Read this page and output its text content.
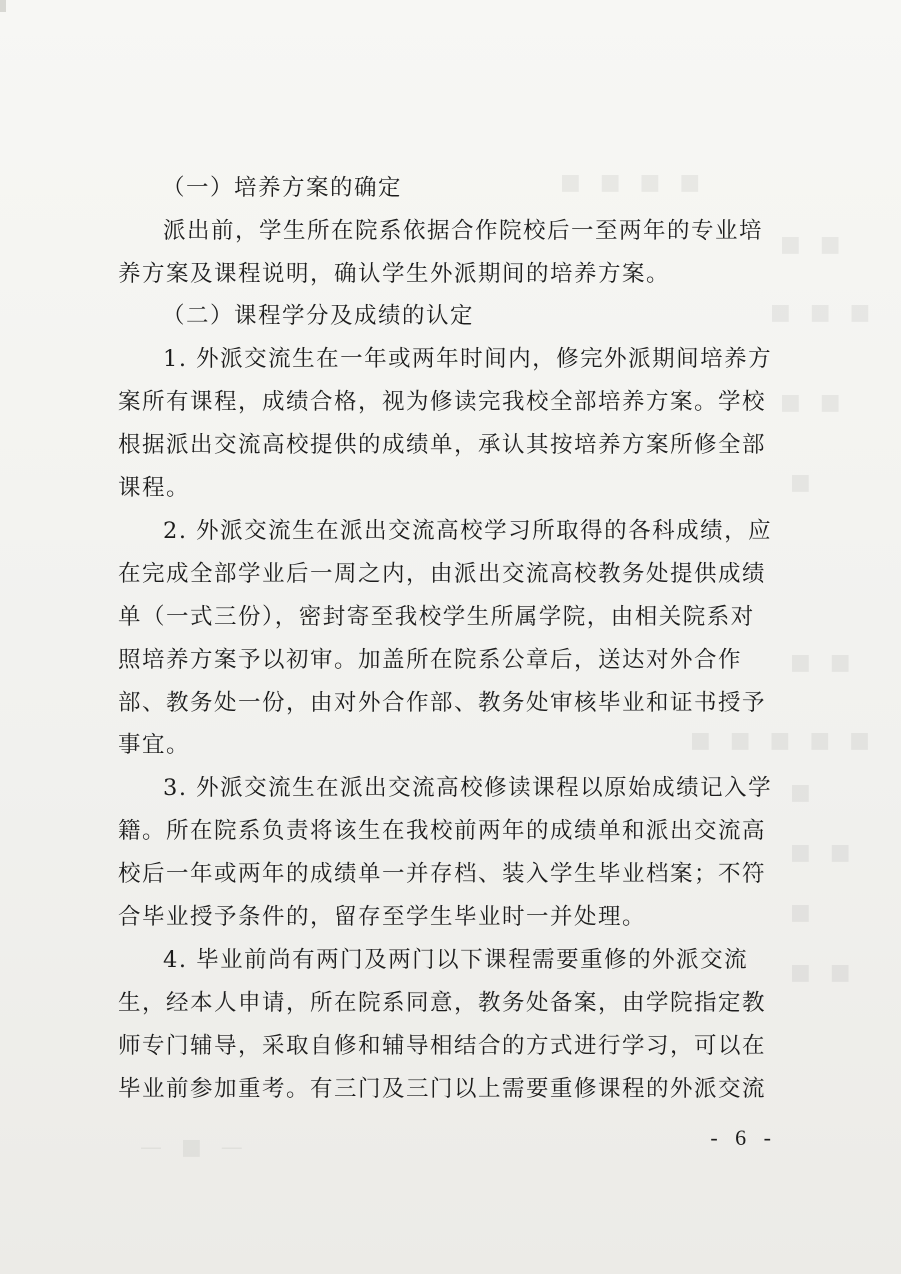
■ ■ ■ ■
■ ■
■ ■ ■
■ ■
■
■ ■
■ ■ ■ ■ ■
■
■ ■
■
■ ■
— ■ —
（一）培养方案的确定
派出前，学生所在院系依据合作院校后一至两年的专业培
养方案及课程说明，确认学生外派期间的培养方案。
（二）课程学分及成绩的认定
1. 外派交流生在一年或两年时间内，修完外派期间培养方
案所有课程，成绩合格，视为修读完我校全部培养方案。学校
根据派出交流高校提供的成绩单，承认其按培养方案所修全部
课程。
2. 外派交流生在派出交流高校学习所取得的各科成绩，应
在完成全部学业后一周之内，由派出交流高校教务处提供成绩
单（一式三份），密封寄至我校学生所属学院，由相关院系对
照培养方案予以初审。加盖所在院系公章后，送达对外合作
部、教务处一份，由对外合作部、教务处审核毕业和证书授予
事宜。
3. 外派交流生在派出交流高校修读课程以原始成绩记入学
籍。所在院系负责将该生在我校前两年的成绩单和派出交流高
校后一年或两年的成绩单一并存档、装入学生毕业档案；不符
合毕业授予条件的，留存至学生毕业时一并处理。
4. 毕业前尚有两门及两门以下课程需要重修的外派交流
生，经本人申请，所在院系同意，教务处备案，由学院指定教
师专门辅导，采取自修和辅导相结合的方式进行学习，可以在
毕业前参加重考。有三门及三门以上需要重修课程的外派交流
- 6 -
